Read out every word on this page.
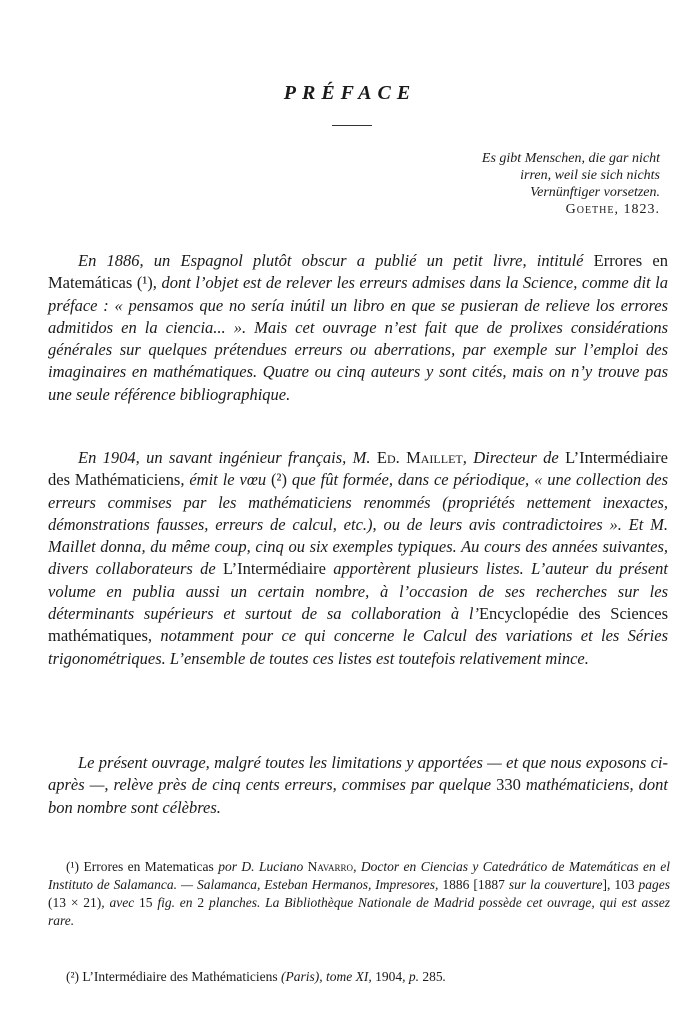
PRÉFACE
Es gibt Menschen, die gar nicht
irren, weil sie sich nichts
Vernünftiger vorsetzen.
Goethe, 1823.

En 1886, un Espagnol plutôt obscur a publié un petit livre, intitulé Errores en Matemáticas (¹), dont l’objet est de relever les erreurs admises dans la Science, comme dit la préface : « pensamos que no sería inútil un libro en que se pusieran de relieve los errores admitidos en la ciencia... ». Mais cet ouvrage n’est fait que de prolixes considérations générales sur quelques prétendues erreurs ou aberrations, par exemple sur l’emploi des imaginaires en mathématiques. Quatre ou cinq auteurs y sont cités, mais on n’y trouve pas une seule référence bibliographique.

En 1904, un savant ingénieur français, M. Ed. Maillet, Directeur de L’Intermédiaire des Mathématiciens, émit le vœu (²) que fût formée, dans ce périodique, « une collection des erreurs commises par les mathématiciens renommés (propriétés nettement inexactes, démonstrations fausses, erreurs de calcul, etc.), ou de leurs avis contradictoires ». Et M. Maillet donna, du même coup, cinq ou six exemples typiques. Au cours des années suivantes, divers collaborateurs de L’Intermédiaire apportèrent plusieurs listes. L’auteur du présent volume en publia aussi un certain nombre, à l’occasion de ses recherches sur les déterminants supérieurs et surtout de sa collaboration à l’Encyclopédie des Sciences mathématiques, notamment pour ce qui concerne le Calcul des variations et les Séries trigonométriques. L’ensemble de toutes ces listes est toutefois relativement mince.

Le présent ouvrage, malgré toutes les limitations y apportées — et que nous exposons ci-après —, relève près de cinq cents erreurs, commises par quelque 330 mathématiciens, dont bon nombre sont célèbres.

(¹) Errores en Matematicas por D. Luciano Navarro, Doctor en Ciencias y Catedrático de Matemáticas en el Instituto de Salamanca. — Salamanca, Esteban Hermanos, Impresores, 1886 [1887 sur la couverture], 103 pages (13 × 21), avec 15 fig. en 2 planches. La Bibliothèque Nationale de Madrid possède cet ouvrage, qui est assez rare.

(²) L’Intermédiaire des Mathématiciens (Paris), tome XI, 1904, p. 285.
